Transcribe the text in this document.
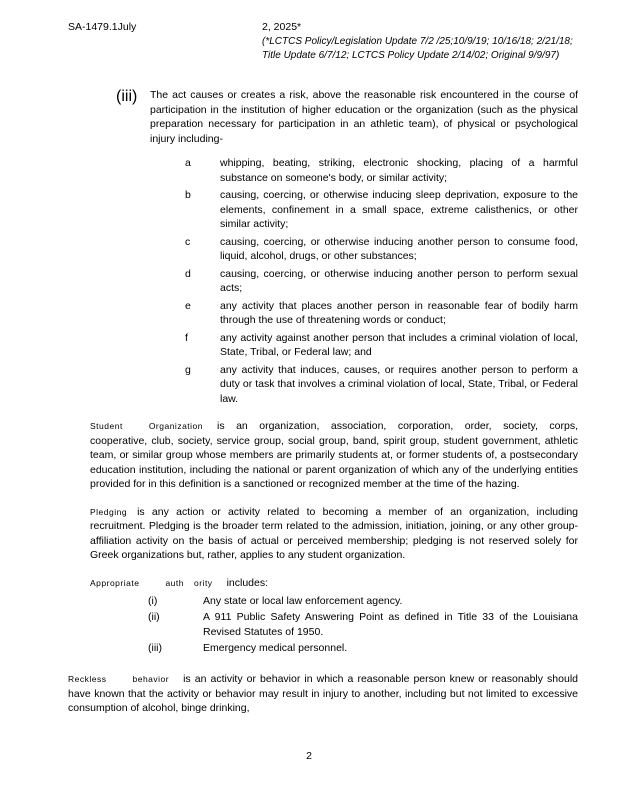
SA-1479.1July	2, 2025*
(*LCTCS Policy/Legislation Update 7/2 /25;10/9/19; 10/16/18; 2/21/18; Title Update 6/7/12; LCTCS Policy Update 2/14/02; Original 9/9/97)
(iii) The act causes or creates a risk, above the reasonable risk encountered in the course of participation in the institution of higher education or the organization (such as the physical preparation necessary for participation in an athletic team), of physical or psychological injury including-
a	whipping, beating, striking, electronic shocking, placing of a harmful substance on someone's body, or similar activity;
b	causing, coercing, or otherwise inducing sleep deprivation, exposure to the elements, confinement in a small space, extreme calisthenics, or other similar activity;
c	causing, coercing, or otherwise inducing another person to consume food, liquid, alcohol, drugs, or other substances;
d	causing, coercing, or otherwise inducing another person to perform sexual acts;
e	any activity that places another person in reasonable fear of bodily harm through the use of threatening words or conduct;
f	any activity against another person that includes a criminal violation of local, State, Tribal, or Federal law; and
g	any activity that induces, causes, or requires another person to perform a duty or task that involves a criminal violation of local, State, Tribal, or Federal law.
Student	Organization is an organization, association, corporation, order, society, corps, cooperative, club, society, service group, social group, band, spirit group, student government, athletic team, or similar group whose members are primarily students at, or former students of, a postsecondary education institution, including the national or parent organization of which any of the underlying entities provided for in this definition is a sanctioned or recognized member at the time of the hazing.
Pledging is any action or activity related to becoming a member of an organization, including recruitment. Pledging is the broader term related to the admission, initiation, joining, or any other group-affiliation activity on the basis of actual or perceived membership; pledging is not reserved solely for Greek organizations but, rather, applies to any student organization.
Appropriate	auth ority includes:
(i)	Any state or local law enforcement agency.
(ii)	A 911 Public Safety Answering Point as defined in Title 33 of the Louisiana Revised Statutes of 1950.
(iii)	Emergency medical personnel.
Reckless	behavior is an activity or behavior in which a reasonable person knew or reasonably should have known that the activity or behavior may result in injury to another, including but not limited to excessive consumption of alcohol, binge drinking,
2
